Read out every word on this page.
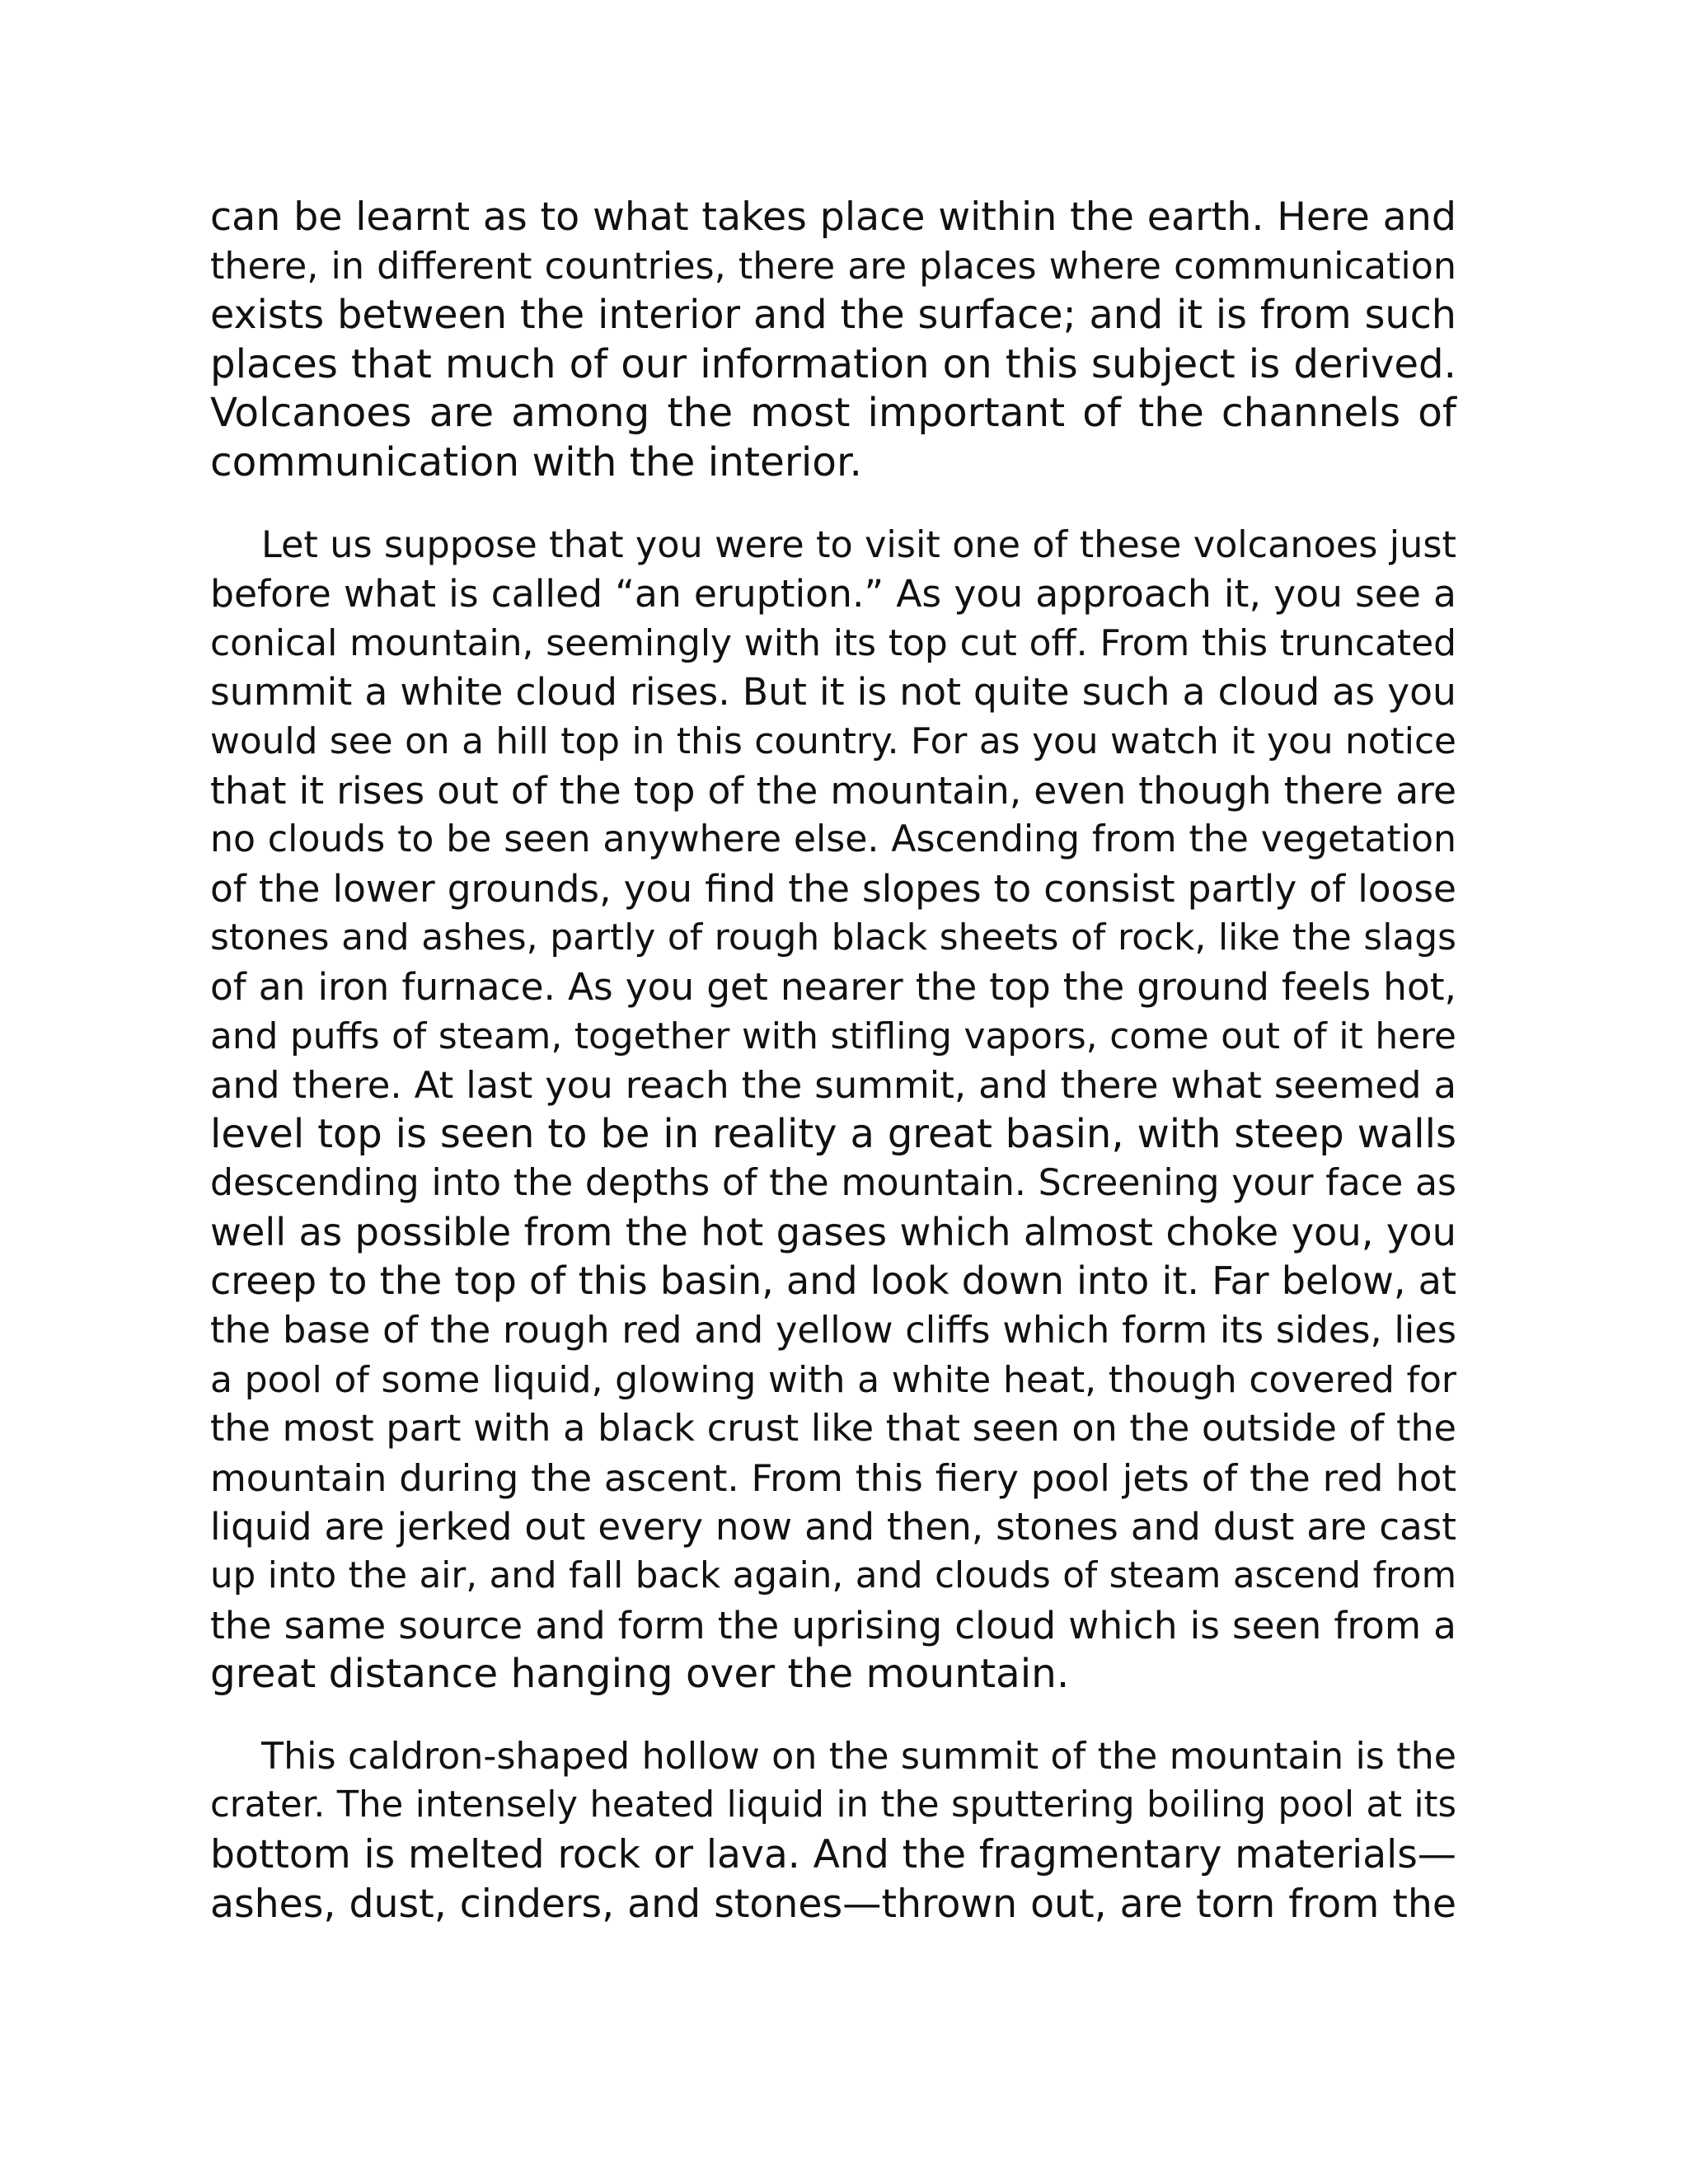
can be learnt as to what takes place within the earth. Here and
there, in different countries, there are places where communication
exists between the interior and the surface; and it is from such
places that much of our information on this subject is derived.
Volcanoes are among the most important of the channels of
communication with the interior.
Let us suppose that you were to visit one of these volcanoes just
before what is called “an eruption.” As you approach it, you see a
conical mountain, seemingly with its top cut off. From this truncated
summit a white cloud rises. But it is not quite such a cloud as you
would see on a hill top in this country. For as you watch it you notice
that it rises out of the top of the mountain, even though there are
no clouds to be seen anywhere else. Ascending from the vegetation
of the lower grounds, you find the slopes to consist partly of loose
stones and ashes, partly of rough black sheets of rock, like the slags
of an iron furnace. As you get nearer the top the ground feels hot,
and puffs of steam, together with stifling vapors, come out of it here
and there. At last you reach the summit, and there what seemed a
level top is seen to be in reality a great basin, with steep walls
descending into the depths of the mountain. Screening your face as
well as possible from the hot gases which almost choke you, you
creep to the top of this basin, and look down into it. Far below, at
the base of the rough red and yellow cliffs which form its sides, lies
a pool of some liquid, glowing with a white heat, though covered for
the most part with a black crust like that seen on the outside of the
mountain during the ascent. From this fiery pool jets of the red hot
liquid are jerked out every now and then, stones and dust are cast
up into the air, and fall back again, and clouds of steam ascend from
the same source and form the uprising cloud which is seen from a
great distance hanging over the mountain.
This caldron-shaped hollow on the summit of the mountain is the
crater. The intensely heated liquid in the sputtering boiling pool at its
bottom is melted rock or lava. And the fragmentary materials—
ashes, dust, cinders, and stones—thrown out, are torn from the
